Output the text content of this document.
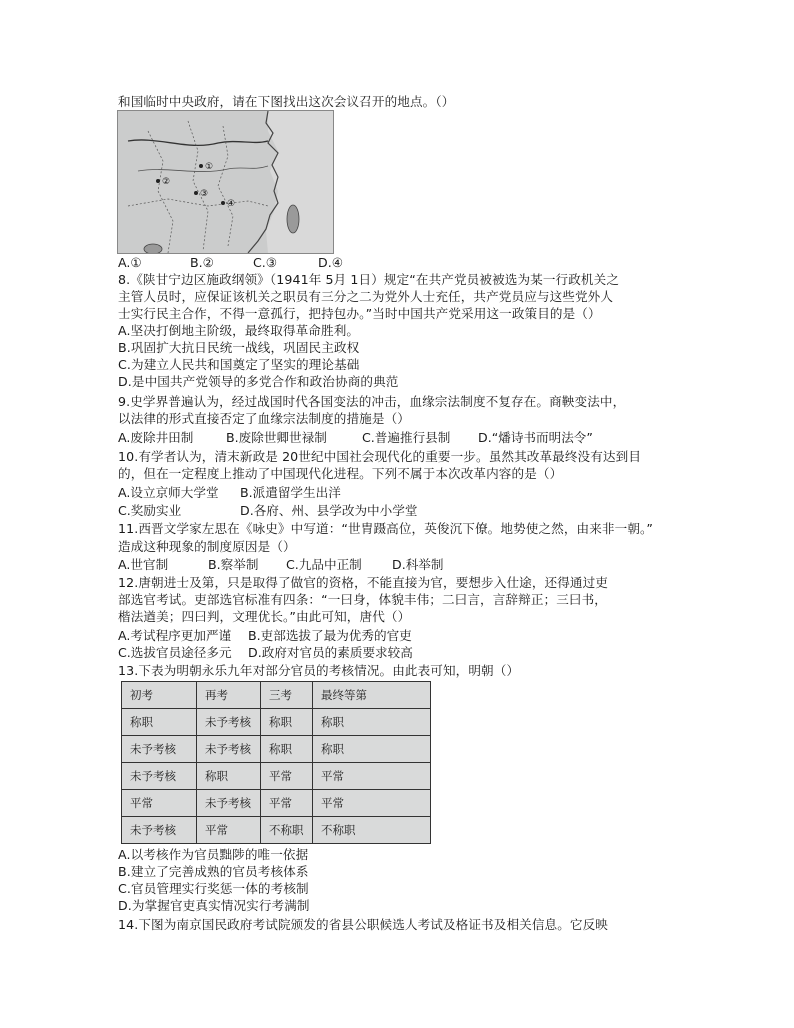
和国临时中央政府，请在下图找出这次会议召开的地点。（）
①
②
③
④
A.①	B.②	C.③	D.④
8.《陕甘宁边区施政纲领》（1941年 5月 1日）规定“在共产党员被被选为某一行政机关之
主管人员时，应保证该机关之职员有三分之二为党外人士充任，共产党员应与这些党外人
士实行民主合作，不得一意孤行，把持包办。”当时中国共产党采用这一政策目的是（）
A.坚决打倒地主阶级，最终取得革命胜利。
B.巩固扩大抗日民统一战线，巩固民主政权
C.为建立人民共和国奠定了坚实的理论基础
D.是中国共产党领导的多党合作和政治协商的典范
9.史学界普遍认为，经过战国时代各国变法的冲击，血缘宗法制度不复存在。商鞅变法中，
以法律的形式直接否定了血缘宗法制度的措施是（）
A.废除井田制	B.废除世卿世禄制	C.普遍推行县制 D.“燔诗书而明法令”
10.有学者认为，清末新政是 20世纪中国社会现代化的重要一步。虽然其改革最终没有达到目
的，但在一定程度上推动了中国现代化进程。下列不属于本次改革内容的是（）
A.设立京师大学堂 B.派遣留学生出洋
C.奖励实业	D.各府、州、县学改为中小学堂
11.西晋文学家左思在《咏史》中写道：“世胄蹑高位，英俊沉下僚。地势使之然，由来非一朝。”
造成这种现象的制度原因是（）
A.世官制	B.察举制 C.九品中正制 D.科举制
12.唐朝进士及第，只是取得了做官的资格，不能直接为官，要想步入仕途，还得通过吏
部选官考试。吏部选官标准有四条：“一曰身，体貌丰伟；二曰言，言辞辩正；三曰书，
楷法遒美；四曰判，文理优长。”由此可知，唐代（）
A.考试程序更加严谨 B.吏部选拔了最为优秀的官吏
C.选拔官员途径多元 D.政府对官员的素质要求较高
13.下表为明朝永乐九年对部分官员的考核情况。由此表可知，明朝（）
初考	再考	三考	最终等第
称职	未予考核	称职	称职
未予考核	未予考核	称职	称职
未予考核	称职	平常	平常
平常	未予考核	平常	平常
未予考核	平常	不称职	不称职
A.以考核作为官员黜陟的唯一依据
B.建立了完善成熟的官员考核体系
C.官员管理实行奖惩一体的考核制
D.为掌握官吏真实情况实行考满制
14.下图为南京国民政府考试院颁发的省县公职候选人考试及格证书及相关信息。它反映
